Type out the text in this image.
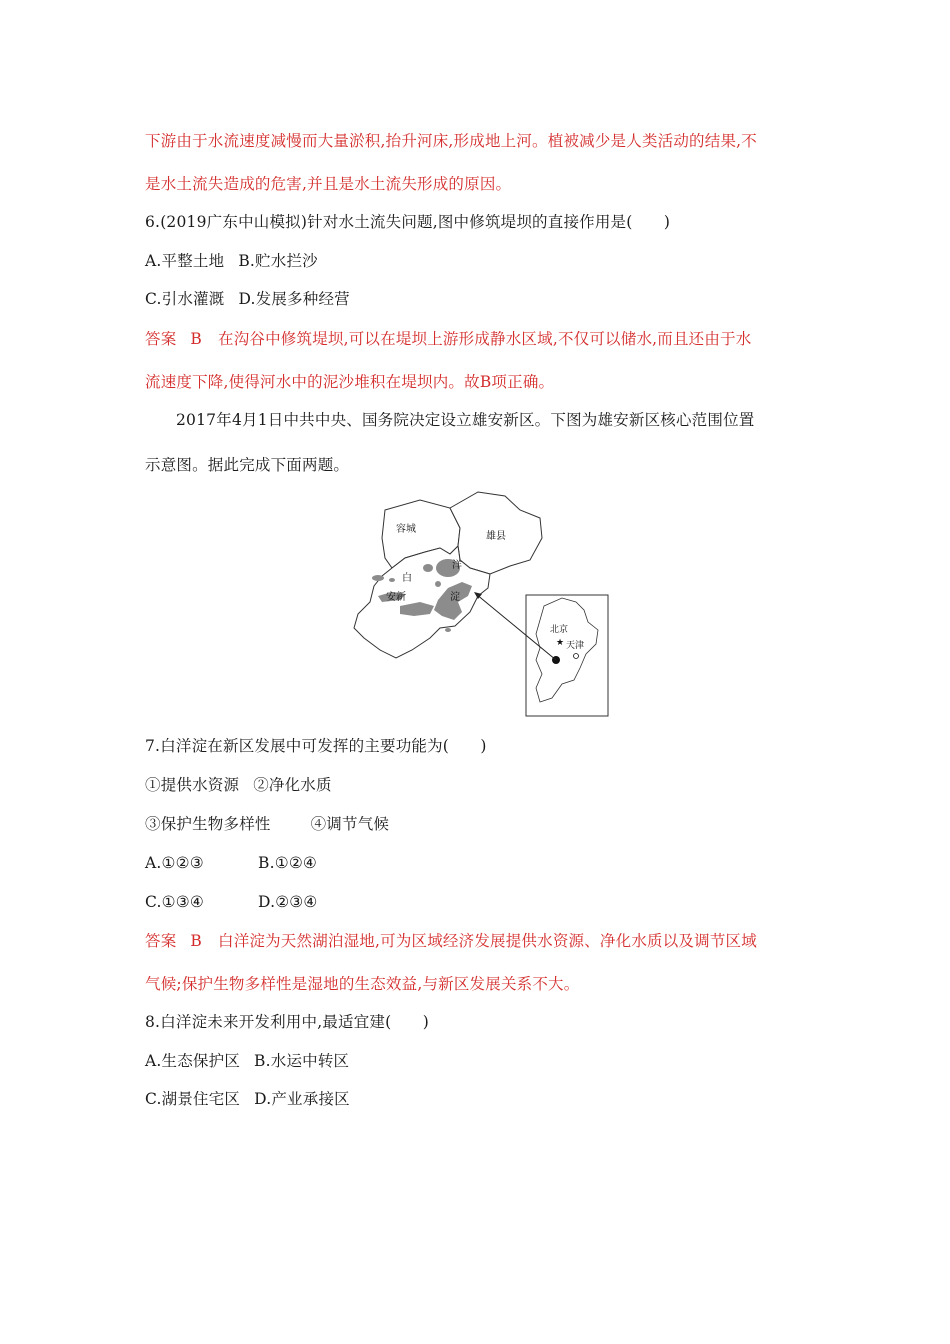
下游由于水流速度减慢而大量淤积,抬升河床,形成地上河。植被减少是人类活动的结果,不
是水土流失造成的危害,并且是水土流失形成的原因。
6.(2019广东中山模拟)针对水土流失问题,图中修筑堤坝的直接作用是(　　)
A.平整土地 B.贮水拦沙
C.引水灌溉 D.发展多种经营
答案 B 在沟谷中修筑堤坝,可以在堤坝上游形成静水区域,不仅可以储水,而且还由于水
流速度下降,使得河水中的泥沙堆积在堤坝内。故B项正确。
2017年4月1日中共中央、国务院决定设立雄安新区。下图为雄安新区核心范围位置
示意图。据此完成下面两题。
容城
雄县
安新
白
洋
淀
北京
★ 天津
7.白洋淀在新区发展中可发挥的主要功能为(　　)
①提供水资源 ②净化水质
③保护生物多样性	④调节气候
A.①②③	B.①②④
C.①③④	D.②③④
答案 B 白洋淀为天然湖泊湿地,可为区域经济发展提供水资源、净化水质以及调节区域
气候;保护生物多样性是湿地的生态效益,与新区发展关系不大。
8.白洋淀未来开发利用中,最适宜建(　　)
A.生态保护区 B.水运中转区
C.湖景住宅区 D.产业承接区
